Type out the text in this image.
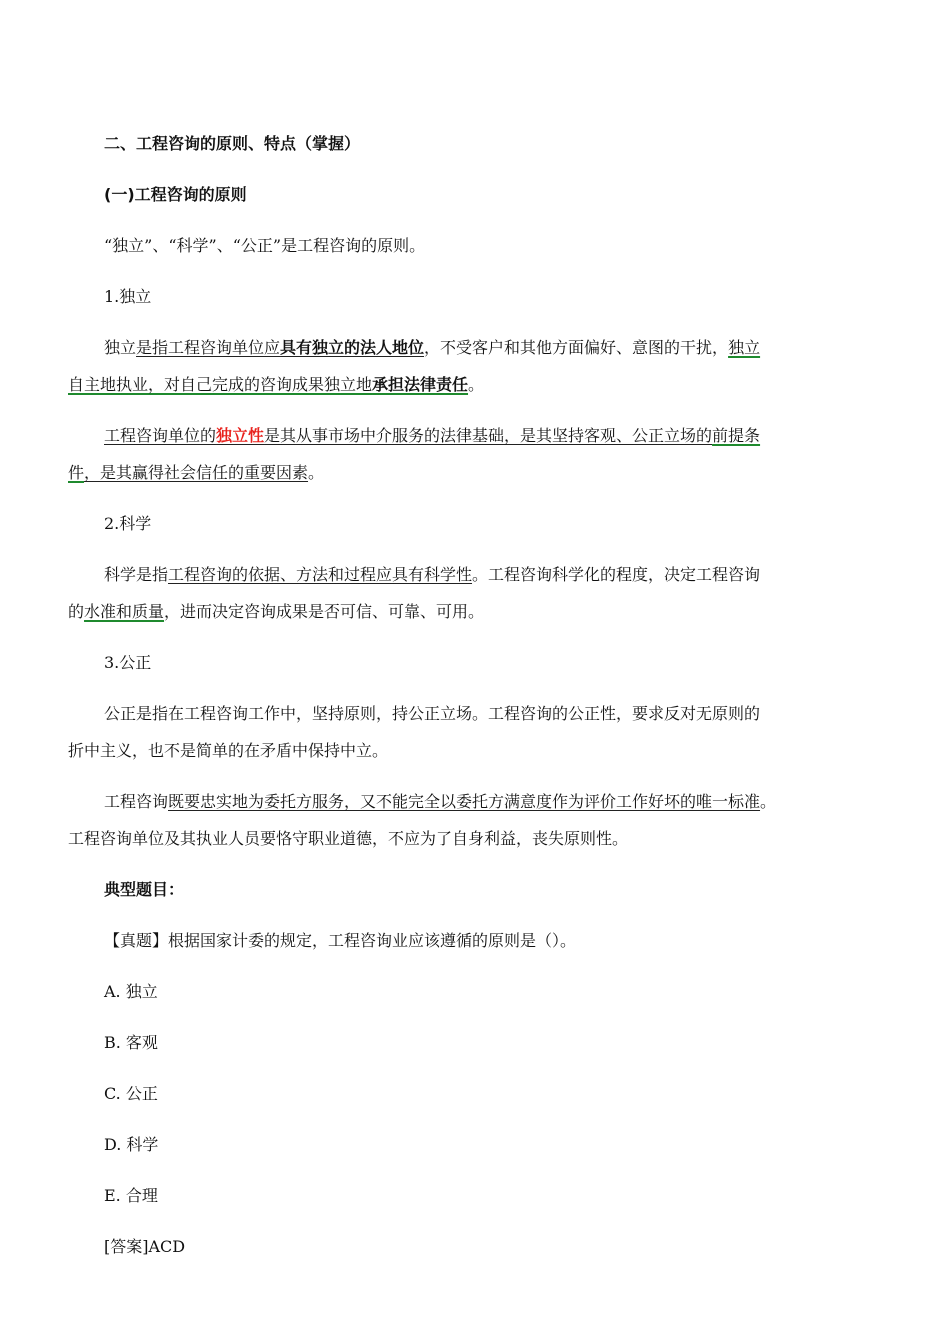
二、工程咨询的原则、特点（掌握）
(一)工程咨询的原则
“独立”、“科学”、“公正”是工程咨询的原则。
1.独立
独立是指工程咨询单位应具有独立的法人地位，不受客户和其他方面偏好、意图的干扰，独立
自主地执业，对自己完成的咨询成果独立地承担法律责任。
工程咨询单位的独立性是其从事市场中介服务的法律基础，是其坚持客观、公正立场的前提条
件，是其赢得社会信任的重要因素。
2.科学
科学是指工程咨询的依据、方法和过程应具有科学性。工程咨询科学化的程度，决定工程咨询
的水准和质量，进而决定咨询成果是否可信、可靠、可用。
3.公正
公正是指在工程咨询工作中，坚持原则，持公正立场。工程咨询的公正性，要求反对无原则的
折中主义，也不是简单的在矛盾中保持中立。
工程咨询既要忠实地为委托方服务，又不能完全以委托方满意度作为评价工作好坏的唯一标准。
工程咨询单位及其执业人员要恪守职业道德，不应为了自身利益，丧失原则性。
典型题目：
【真题】根据国家计委的规定，工程咨询业应该遵循的原则是（）。
A. 独立
B. 客观
C. 公正
D. 科学
E. 合理
[答案]ACD
